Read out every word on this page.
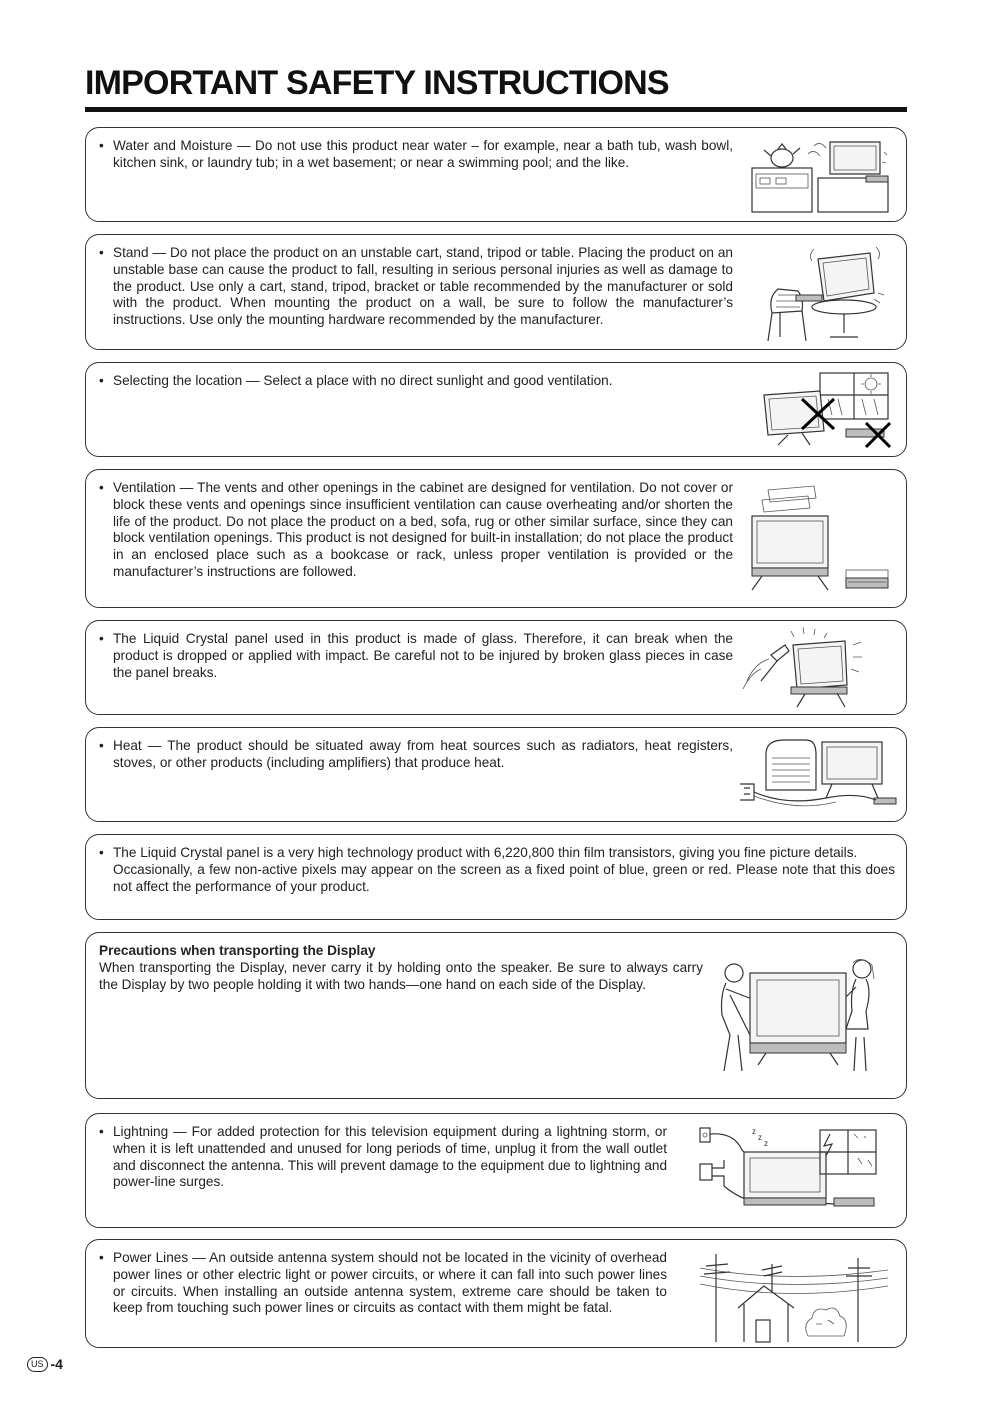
IMPORTANT SAFETY INSTRUCTIONS
• Water and Moisture — Do not use this product near water – for example, near a bath tub, wash bowl, kitchen sink, or laundry tub; in a wet basement; or near a swimming pool; and the like.
• Stand — Do not place the product on an unstable cart, stand, tripod or table. Placing the product on an unstable base can cause the product to fall, resulting in serious personal injuries as well as damage to the product. Use only a cart, stand, tripod, bracket or table recommended by the manufacturer or sold with the product. When mounting the product on a wall, be sure to follow the manufacturer’s instructions. Use only the mounting hardware recommended by the manufacturer.
• Selecting the location — Select a place with no direct sunlight and good ventilation.
• Ventilation — The vents and other openings in the cabinet are designed for ventilation. Do not cover or block these vents and openings since insufficient ventilation can cause overheating and/or shorten the life of the product. Do not place the product on a bed, sofa, rug or other similar surface, since they can block ventilation openings. This product is not designed for built-in installation; do not place the product in an enclosed place such as a bookcase or rack, unless proper ventilation is provided or the manufacturer’s instructions are followed.
• The Liquid Crystal panel used in this product is made of glass. Therefore, it can break when the product is dropped or applied with impact. Be careful not to be injured by broken glass pieces in case the panel breaks.
• Heat — The product should be situated away from heat sources such as radiators, heat registers, stoves, or other products (including amplifiers) that produce heat.

• The Liquid Crystal panel is a very high technology product with 6,220,800 thin film transistors, giving you fine picture details.

Occasionally, a few non-active pixels may appear on the screen as a fixed point of blue, green or red. Please note that this does not affect the performance of your product.

Precautions when transporting the Display

When transporting the Display, never carry it by holding onto the speaker. Be sure to always carry the Display by two people holding it with two hands—one hand on each side of the Display.

• Lightning — For added protection for this television equipment during a lightning storm, or when it is left unattended and unused for long periods of time, unplug it from the wall outlet and disconnect the antenna. This will prevent damage to the equipment due to lightning and power-line surges.
z
z
z
• Power Lines — An outside antenna system should not be located in the vicinity of overhead power lines or other electric light or power circuits, or where it can fall into such power lines or circuits. When installing an outside antenna system, extreme care should be taken to keep from touching such power lines or circuits as contact with them might be fatal.
US -4
